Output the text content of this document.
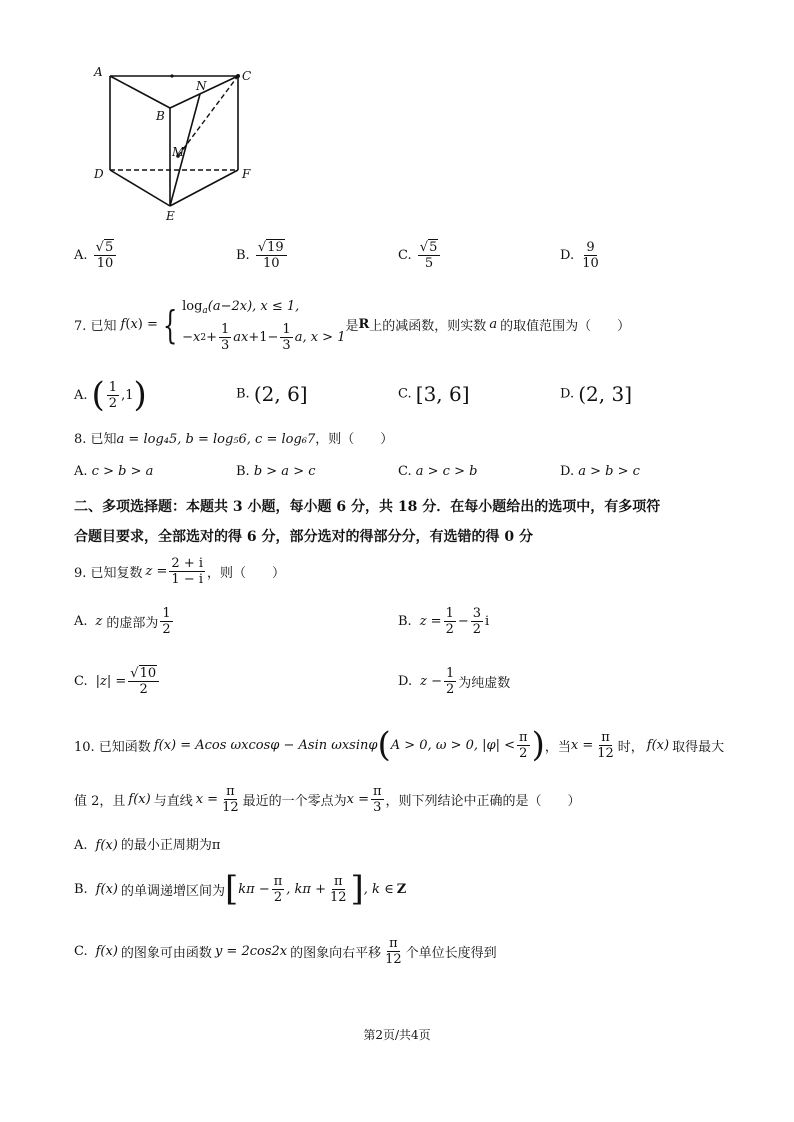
A
B
C
D
E
F
M
N
A. $\frac{√5}{10}$	B. $\frac{√19}{10}$	C. $\frac{√5}{5}$	D. $\frac{9}{10}$
7. 已知 f ( x ) = { $\log_a(a-2x)$, x ≤ 1,
− x $2 + \frac{1}{3}$ ax $+1- \frac{1}{3} a$, x > 1
是 R 上的减函数，则实数 a 的取值范围为（　　）
A. ( $\frac{1}{2} ,1$ )	B. (2, 6]	C. [3, 6]	D. (2, 3]
8. 已知a = log₄5, b = log₅6, c = log₆7，则（　　）
A. c > b > a	B. b > a > c	C. a > c > b	D. a > b > c
二、多项选择题：本题共 3 小题，每小题 6 分，共 18 分．在每小题给出的选项中，有多项符
合题目要求，全部选对的得 6 分，部分选对的得部分分，有选错的得 0 分
9. 已知复数 $z = \frac{2 + i}{1 - i}$ ，则（　　）
A. z 的虚部为 $\frac{1}{2}$	B. $z = \frac{1}{2} - \frac{3}{2}$ i
C. $|z| = \frac{√10}{2}$	D. $z - \frac{1}{2}$ 为纯虚数
10. 已知函数 f(x) = Acos ωxcosφ − Asin ωxsinφ ( A > 0, ω > 0, $|\varphi| < \frac{\pi}{2}$ ) ，当 $x = \frac{\pi}{12}$ 时， f(x) 取得最大
值 2，且 f(x) 与直线 $x = \frac{\pi}{12}$ 最近的一个零点为 $x = \frac{\pi}{3}$ ，则下列结论中正确的是（　　）
A. f(x) 的最小正周期为π
B. f(x) 的单调递增区间为 [ $k\pi - \frac{\pi}{2}$ , $k\pi + \frac{\pi}{12}$ ] , k ∈ Z
C. f(x) 的图象可由函数 y = 2cos2x 的图象向右平移 $\frac{\pi}{12}$ 个单位长度得到
第2页/共4页
